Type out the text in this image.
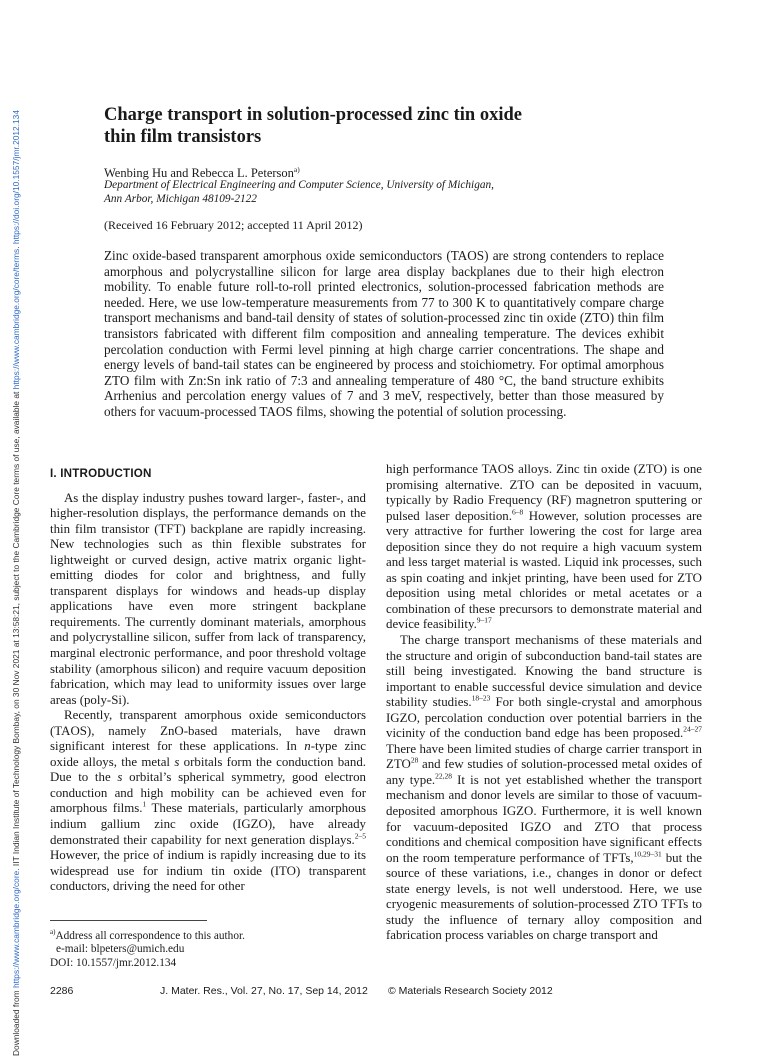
Downloaded from https://www.cambridge.org/core. IIT Indian Institute of Technology Bombay, on 30 Nov 2021 at 13:58:21, subject to the Cambridge Core terms of use, available at https://www.cambridge.org/core/terms. https://doi.org/10.1557/jmr.2012.134	Charge transport in solution-processed zinc tin oxide
thin film transistors
Wenbing Hu and Rebecca L. Peterson$^{a)}$
Department of Electrical Engineering and Computer Science, University of Michigan,
Ann Arbor, Michigan 48109-2122
(Received 16 February 2012; accepted 11 April 2012)

Zinc oxide-based transparent amorphous oxide semiconductors (TAOS) are strong contenders to replace amorphous and polycrystalline silicon for large area display backplanes due to their high electron mobility. To enable future roll-to-roll printed electronics, solution-processed fabrication methods are needed. Here, we use low-temperature measurements from 77 to 300 K to quantitatively compare charge transport mechanisms and band-tail density of states of solution-processed zinc tin oxide (ZTO) thin film transistors fabricated with different film composition and annealing temperature. The devices exhibit percolation conduction with Fermi level pinning at high charge carrier concentrations. The shape and energy levels of band-tail states can be engineered by process and stoichiometry. For optimal amorphous ZTO film with Zn:Sn ink ratio of 7:3 and annealing temperature of 480 °C, the band structure exhibits Arrhenius and percolation energy values of 7 and 3 meV, respectively, better than those measured by others for vacuum-processed TAOS films, showing the potential of solution processing.

I. INTRODUCTION

As the display industry pushes toward larger-, faster-, and higher-resolution displays, the performance demands on the thin film transistor (TFT) backplane are rapidly increasing. New technologies such as thin flexible substrates for lightweight or curved design, active matrix organic light-emitting diodes for color and brightness, and fully transparent displays for windows and heads-up display applications have even more stringent backplane requirements. The currently dominant materials, amorphous and polycrystalline silicon, suffer from lack of transparency, marginal electronic performance, and poor threshold voltage stability (amorphous silicon) and require vacuum deposition fabrication, which may lead to uniformity issues over large areas (poly-Si).

Recently, transparent amorphous oxide semiconductors (TAOS), namely ZnO-based materials, have drawn significant interest for these applications. In n-type zinc oxide alloys, the metal s orbitals form the conduction band. Due to the s orbital’s spherical symmetry, good electron conduction and high mobility can be achieved even for amorphous films.$^1$ These materials, particularly amorphous indium gallium zinc oxide (IGZO), have already demonstrated their capability for next generation displays.$^{2-5}$ However, the price of indium is rapidly increasing due to its widespread use for indium tin oxide (ITO) transparent conductors, driving the need for other

high performance TAOS alloys. Zinc tin oxide (ZTO) is one promising alternative. ZTO can be deposited in vacuum, typically by Radio Frequency (RF) magnetron sputtering or pulsed laser deposition.$^{6-8}$ However, solution processes are very attractive for further lowering the cost for large area deposition since they do not require a high vacuum system and less target material is wasted. Liquid ink processes, such as spin coating and inkjet printing, have been used for ZTO deposition using metal chlorides or metal acetates or a combination of these precursors to demonstrate material and device feasibility.$^{9-17}$

The charge transport mechanisms of these materials and the structure and origin of subconduction band-tail states are still being investigated. Knowing the band structure is important to enable successful device simulation and device stability studies.$^{18-23}$ For both single-crystal and amorphous IGZO, percolation conduction over potential barriers in the vicinity of the conduction band edge has been proposed.$^{24-27}$ There have been limited studies of charge carrier transport in ZTO$^{28}$ and few studies of solution-processed metal oxides of any type.$^{22,28}$ It is not yet established whether the transport mechanism and donor levels are similar to those of vacuum-deposited amorphous IGZO. Furthermore, it is well known for vacuum-deposited IGZO and ZTO that process conditions and chemical composition have significant effects on the room temperature performance of TFTs,$^{10,29-31}$ but the source of these variations, i.e., changes in donor or defect state energy levels, is not well understood. Here, we use cryogenic measurements of solution-processed ZTO TFTs to study the influence of ternary alloy composition and fabrication process variables on charge transport and

$^{a)}$Address all correspondence to this author.
e-mail: blpeters@umich.edu
DOI: 10.1557/jmr.2012.134
2286	J. Mater. Res., Vol. 27, No. 17, Sep 14, 2012 © Materials Research Society 2012
